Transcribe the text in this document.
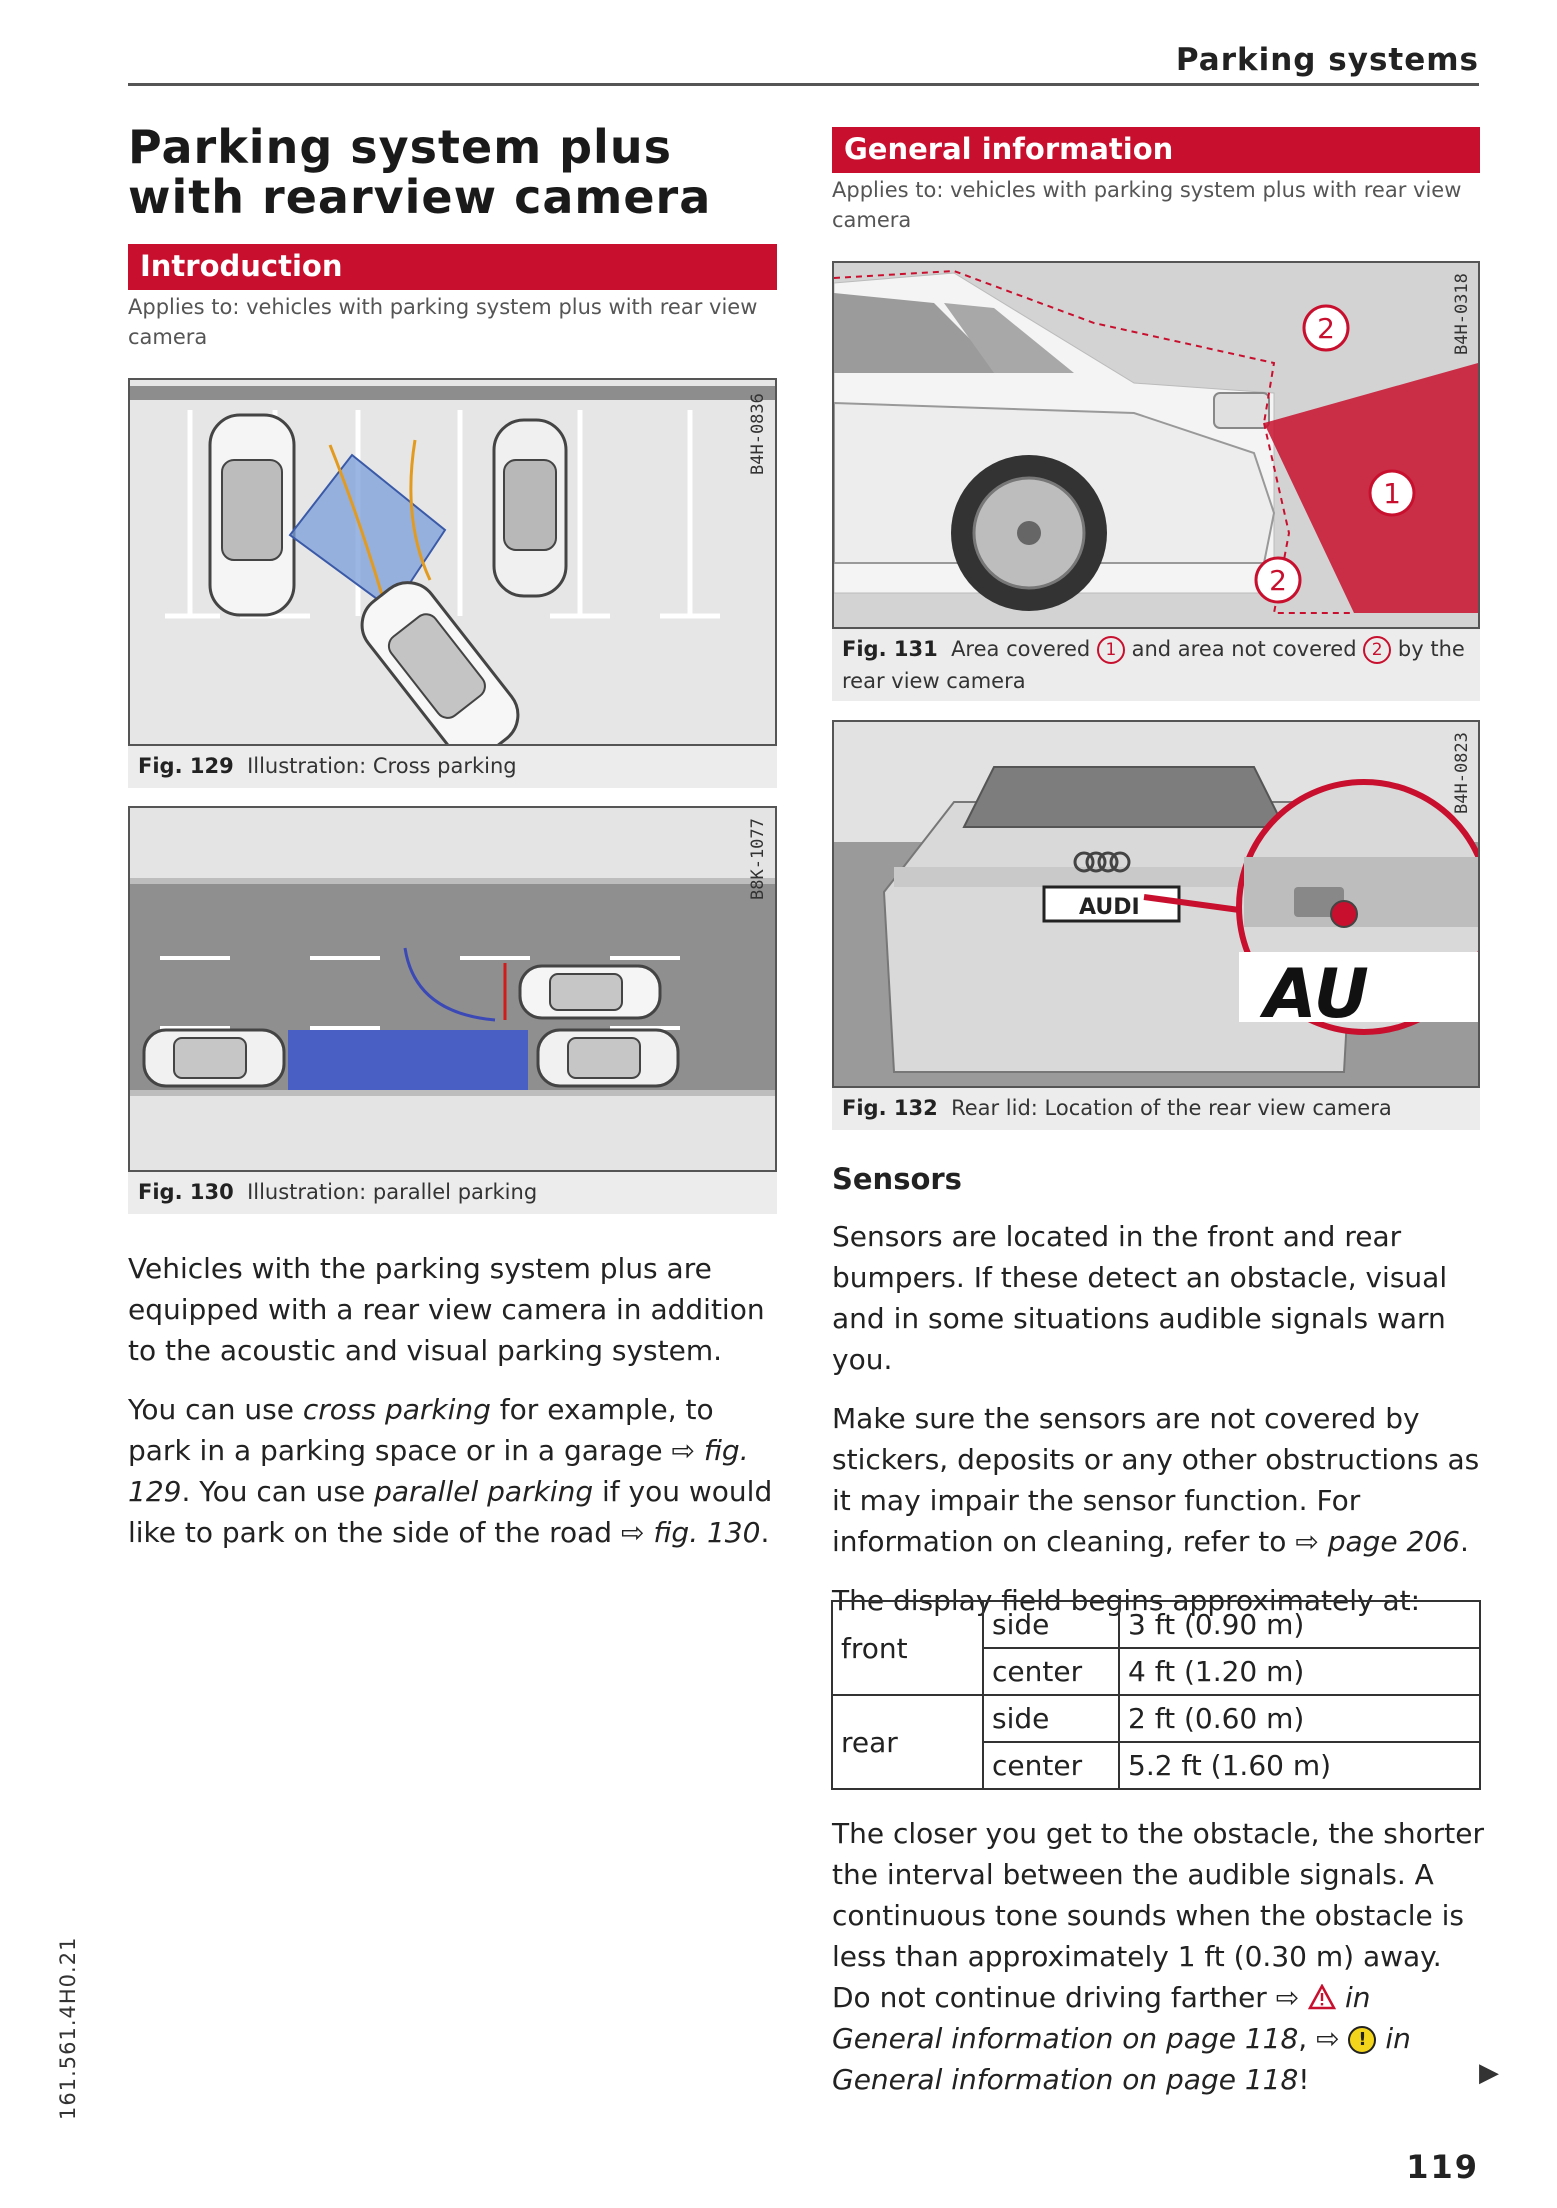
Parking systems
Parking system plus with rearview camera
Introduction
Applies to: vehicles with parking system plus with rear view camera
B4H-0836
Fig. 129 Illustration: Cross parking
B8K-1077
Fig. 130 Illustration: parallel parking

Vehicles with the parking system plus are equipped with a rear view camera in addition to the acoustic and visual parking system.

You can use cross parking for example, to park in a parking space or in a garage ⇨ fig. 129. You can use parallel parking if you would like to park on the side of the road ⇨ fig. 130.

General information
Applies to: vehicles with parking system plus with rear view camera
2
1
2
B4H-0318
Fig. 131 Area covered 1 and area not covered 2 by the rear view camera
AUDI
AU
B4H-0823
Fig. 132 Rear lid: Location of the rear view camera
Sensors

Sensors are located in the front and rear bumpers. If these detect an obstacle, visual and in some situations audible signals warn you.

Make sure the sensors are not covered by stickers, deposits or any other obstructions as it may impair the sensor function. For information on cleaning, refer to ⇨ page 206.

The display field begins approximately at:

front	side	3 ft (0.90 m)
	center	4 ft (1.20 m)
rear	side	2 ft (0.60 m)
	center	5.2 ft (1.60 m)

The closer you get to the obstacle, the shorter the interval between the audible signals. A continuous tone sounds when the obstacle is less than approximately 1 ft (0.30 m) away. Do not continue driving farther ⇨  in General information on page 118, ⇨ ! in General information on page 118!	▶
161.561.4H0.21
119
